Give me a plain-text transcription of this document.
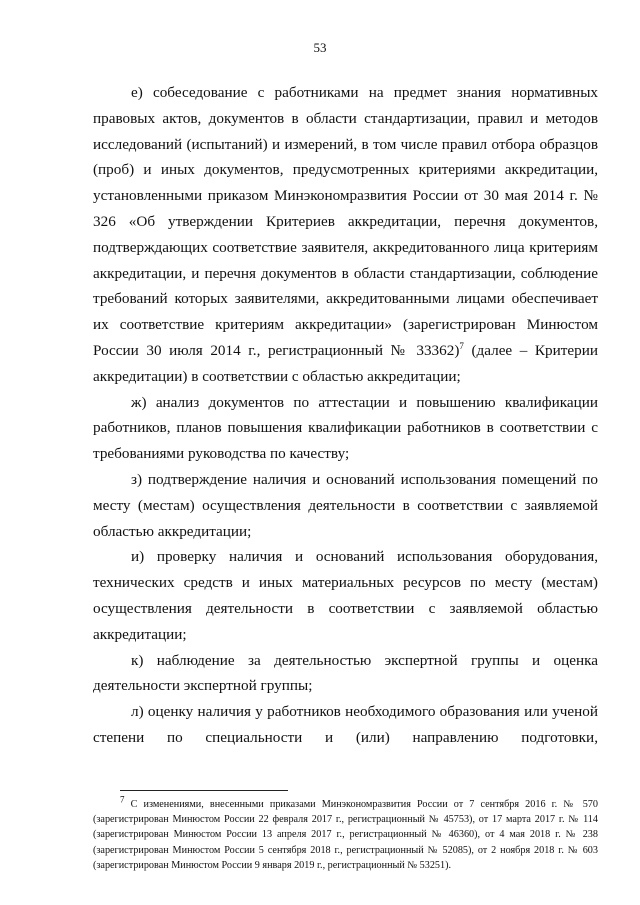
53

е) собеседование с работниками на предмет знания нормативных правовых актов, документов в области стандартизации, правил и методов исследований (испытаний) и измерений, в том числе правил отбора образцов (проб) и иных документов, предусмотренных критериями аккредитации, установленными приказом Минэкономразвития России от 30 мая 2014 г. № 326 «Об утверждении Критериев аккредитации, перечня документов, подтверждающих соответствие заявителя, аккредитованного лица критериям аккредитации, и перечня документов в области стандартизации, соблюдение требований которых заявителями, аккредитованными лицами обеспечивает их соответствие критериям аккредитации» (зарегистрирован Минюстом России 30 июля 2014 г., регистрационный № 33362)$^7$ (далее – Критерии аккредитации) в соответствии с областью аккредитации;

ж) анализ документов по аттестации и повышению квалификации работников, планов повышения квалификации работников в соответствии с требованиями руководства по качеству;

з) подтверждение наличия и оснований использования помещений по месту (местам) осуществления деятельности в соответствии с заявляемой областью аккредитации;

и) проверку наличия и оснований использования оборудования, технических средств и иных материальных ресурсов по месту (местам) осуществления деятельности в соответствии с заявляемой областью аккредитации;

к) наблюдение за деятельностью экспертной группы и оценка деятельности экспертной группы;

л) оценку наличия у работников необходимого образования или ученой степени по специальности и (или) направлению подготовки,

7 С изменениями, внесенными приказами Минэкономразвития России от 7 сентября 2016 г. № 570 (зарегистрирован Минюстом России 22 февраля 2017 г., регистрационный № 45753), от 17 марта 2017 г. № 114 (зарегистрирован Минюстом России 13 апреля 2017 г., регистрационный № 46360), от 4 мая 2018 г. № 238 (зарегистрирован Минюстом России 5 сентября 2018 г., регистрационный № 52085), от 2 ноября 2018 г. № 603 (зарегистрирован Минюстом России 9 января 2019 г., регистрационный № 53251).
